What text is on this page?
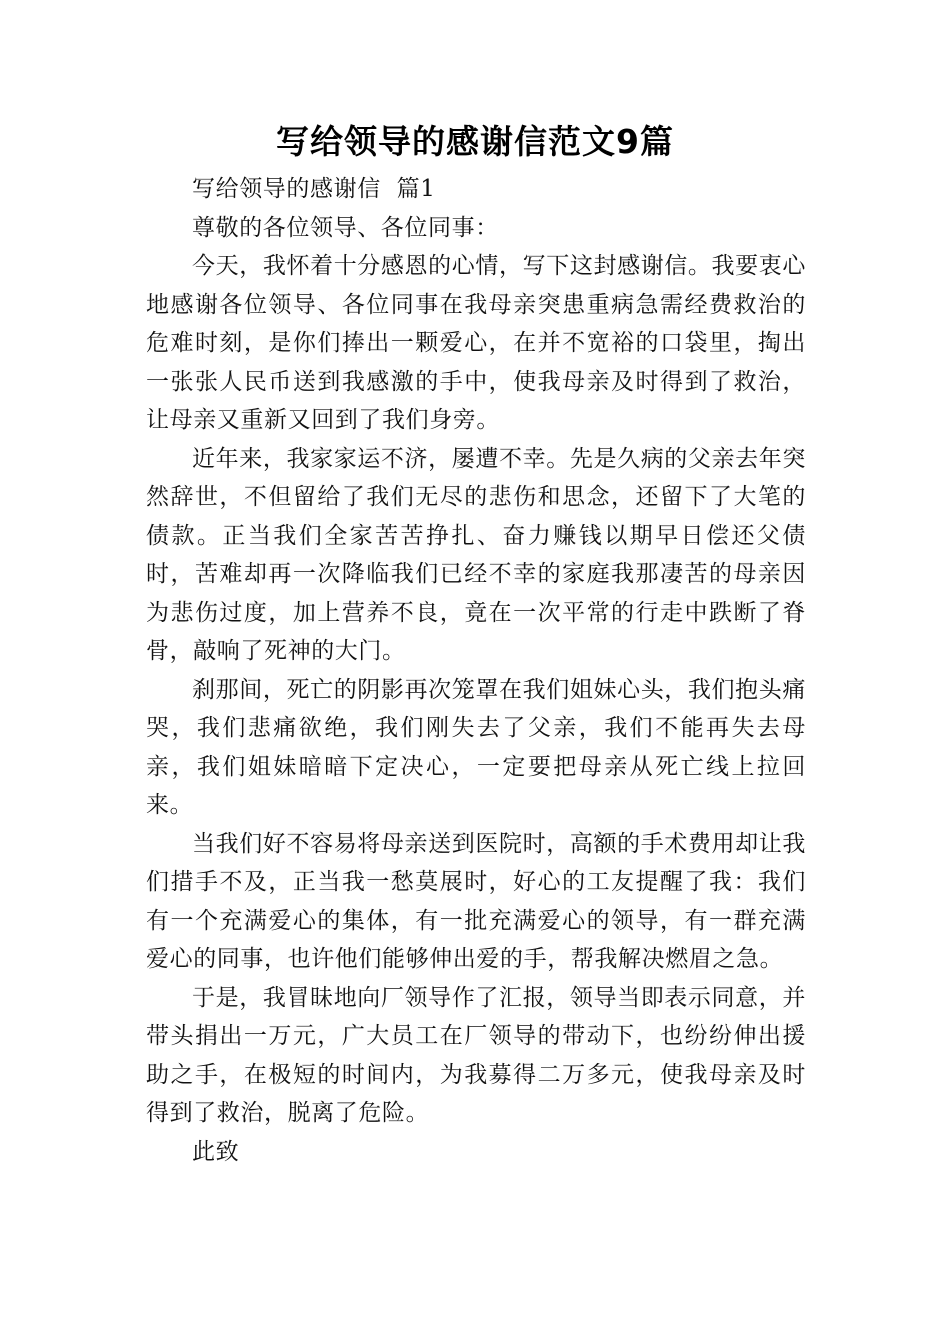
写给领导的感谢信范文9篇

写给领导的感谢信  篇1

尊敬的各位领导、各位同事：

今天，我怀着十分感恩的心情，写下这封感谢信。我要衷心地感谢各位领导、各位同事在我母亲突患重病急需经费救治的危难时刻，是你们捧出一颗爱心，在并不宽裕的口袋里，掏出一张张人民币送到我感激的手中，使我母亲及时得到了救治，让母亲又重新又回到了我们身旁。

近年来，我家家运不济，屡遭不幸。先是久病的父亲去年突然辞世，不但留给了我们无尽的悲伤和思念，还留下了大笔的债款。正当我们全家苦苦挣扎、奋力赚钱以期早日偿还父债时，苦难却再一次降临我们已经不幸的家庭我那凄苦的母亲因为悲伤过度，加上营养不良，竟在一次平常的行走中跌断了脊骨，敲响了死神的大门。

刹那间，死亡的阴影再次笼罩在我们姐妹心头，我们抱头痛哭，我们悲痛欲绝，我们刚失去了父亲，我们不能再失去母亲，我们姐妹暗暗下定决心，一定要把母亲从死亡线上拉回来。

当我们好不容易将母亲送到医院时，高额的手术费用却让我们措手不及，正当我一愁莫展时，好心的工友提醒了我：我们有一个充满爱心的集体，有一批充满爱心的领导，有一群充满爱心的同事，也许他们能够伸出爱的手，帮我解决燃眉之急。

于是，我冒昧地向厂领导作了汇报，领导当即表示同意，并带头捐出一万元，广大员工在厂领导的带动下，也纷纷伸出援助之手，在极短的时间内，为我募得二万多元，使我母亲及时得到了救治，脱离了危险。

此致
